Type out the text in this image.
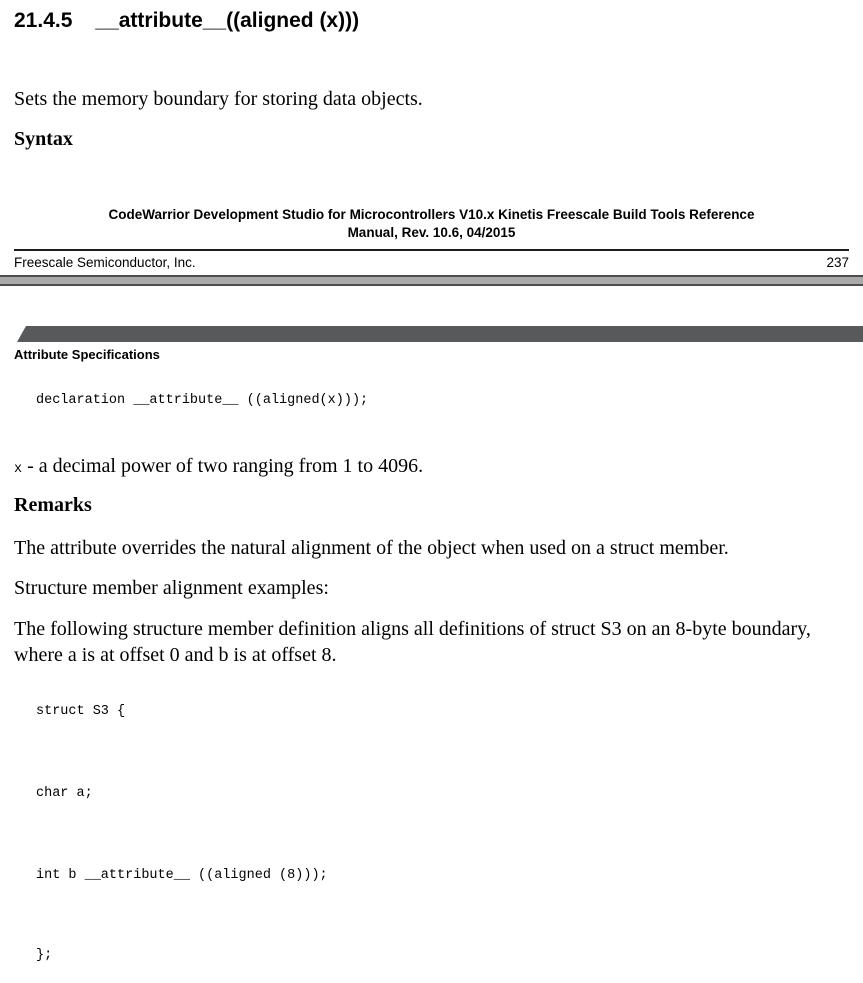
21.4.5 __attribute__((aligned (x)))

Sets the memory boundary for storing data objects.

Syntax
CodeWarrior Development Studio for Microcontrollers V10.x Kinetis Freescale Build Tools Reference
Manual, Rev. 10.6, 04/2015
Freescale Semiconductor, Inc.	237
Attribute Specifications
declaration __attribute__ ((aligned(x)));

x - a decimal power of two ranging from 1 to 4096.

Remarks

The attribute overrides the natural alignment of the object when used on a struct member.

Structure member alignment examples:

The following structure member definition aligns all definitions of struct S3 on an 8-byte boundary, where a is at offset 0 and b is at offset 8.

struct S3 {
char a;
int b __attribute__ ((aligned (8)));
};
